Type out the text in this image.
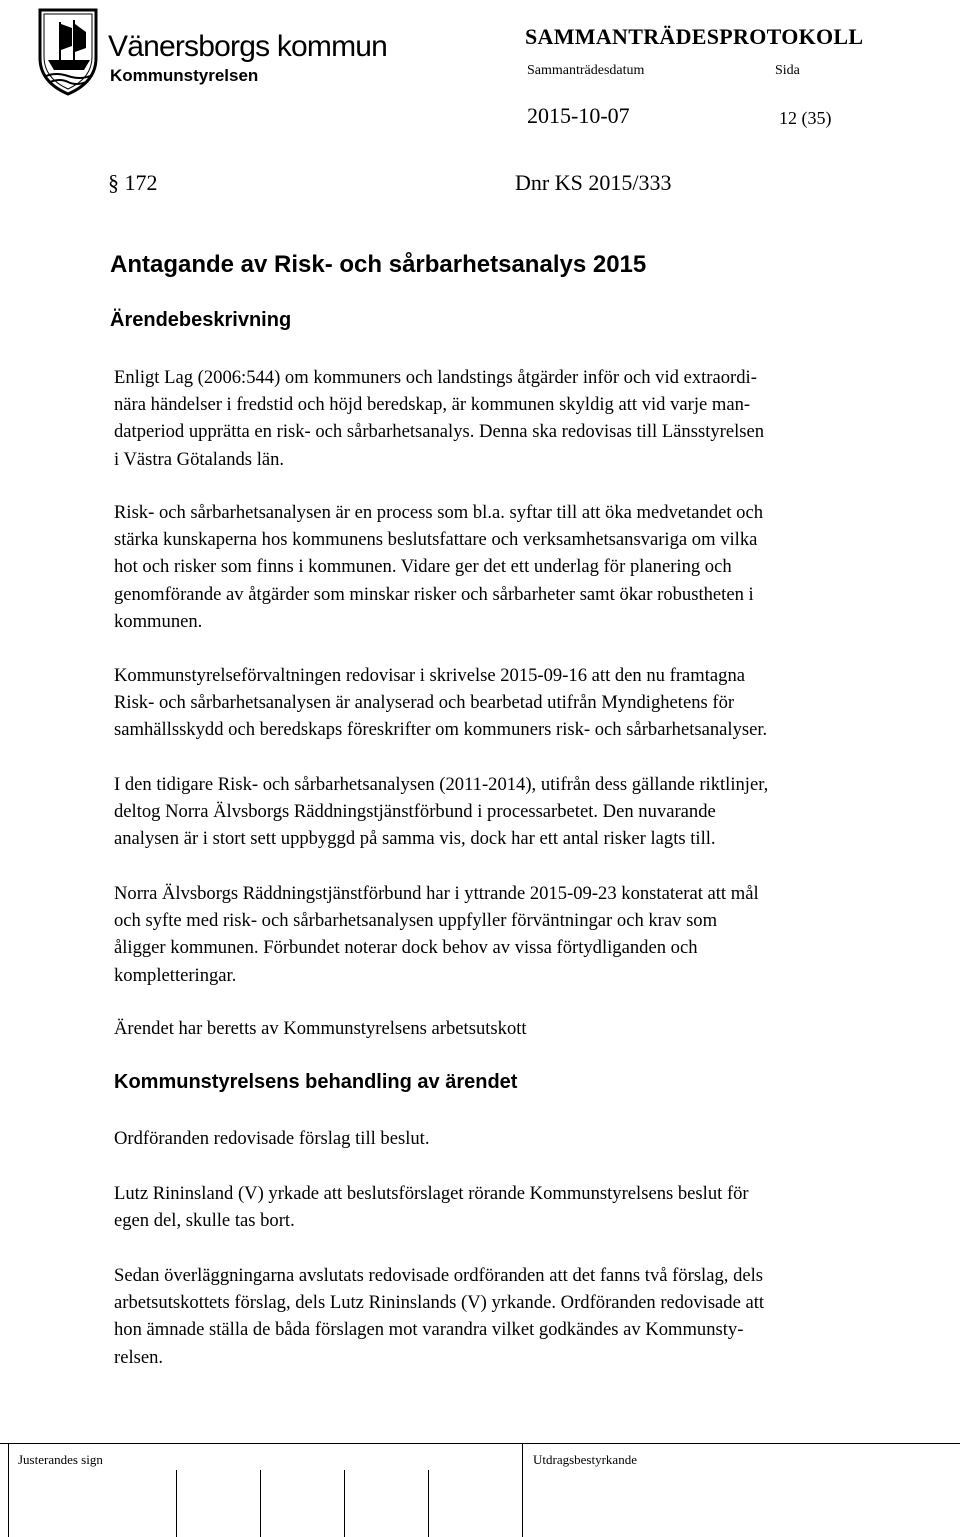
Vänersborgs kommun
Kommunstyrelsen
SAMMANTRÄDESPROTOKOLL
Sammanträdesdatum	Sida
2015-10-07	12 (35)
§ 172	Dnr KS 2015/333
Antagande av Risk- och sårbarhetsanalys 2015
Ärendebeskrivning
Enligt Lag (2006:544) om kommuners och landstings åtgärder inför och vid extraordi-
nära händelser i fredstid och höjd beredskap, är kommunen skyldig att vid varje man-
datperiod upprätta en risk- och sårbarhetsanalys. Denna ska redovisas till Länsstyrelsen
i Västra Götalands län.
Risk- och sårbarhetsanalysen är en process som bl.a. syftar till att öka medvetandet och
stärka kunskaperna hos kommunens beslutsfattare och verksamhetsansvariga om vilka
hot och risker som finns i kommunen. Vidare ger det ett underlag för planering och
genomförande av åtgärder som minskar risker och sårbarheter samt ökar robustheten i
kommunen.
Kommunstyrelseförvaltningen redovisar i skrivelse 2015-09-16 att den nu framtagna
Risk- och sårbarhetsanalysen är analyserad och bearbetad utifrån Myndighetens för
samhällsskydd och beredskaps föreskrifter om kommuners risk- och sårbarhetsanalyser.
I den tidigare Risk- och sårbarhetsanalysen (2011-2014), utifrån dess gällande riktlinjer,
deltog Norra Älvsborgs Räddningstjänstförbund i processarbetet. Den nuvarande
analysen är i stort sett uppbyggd på samma vis, dock har ett antal risker lagts till.
Norra Älvsborgs Räddningstjänstförbund har i yttrande 2015-09-23 konstaterat att mål
och syfte med risk- och sårbarhetsanalysen uppfyller förväntningar och krav som
åligger kommunen. Förbundet noterar dock behov av vissa förtydliganden och
kompletteringar.
Ärendet har beretts av Kommunstyrelsens arbetsutskott
Kommunstyrelsens behandling av ärendet
Ordföranden redovisade förslag till beslut.
Lutz Rininsland (V) yrkade att beslutsförslaget rörande Kommunstyrelsens beslut för
egen del, skulle tas bort.
Sedan överläggningarna avslutats redovisade ordföranden att det fanns två förslag, dels
arbetsutskottets förslag, dels Lutz Rininslands (V) yrkande. Ordföranden redovisade att
hon ämnade ställa de båda förslagen mot varandra vilket godkändes av Kommunsty-
relsen.
Justerandes sign	Utdragsbestyrkande
